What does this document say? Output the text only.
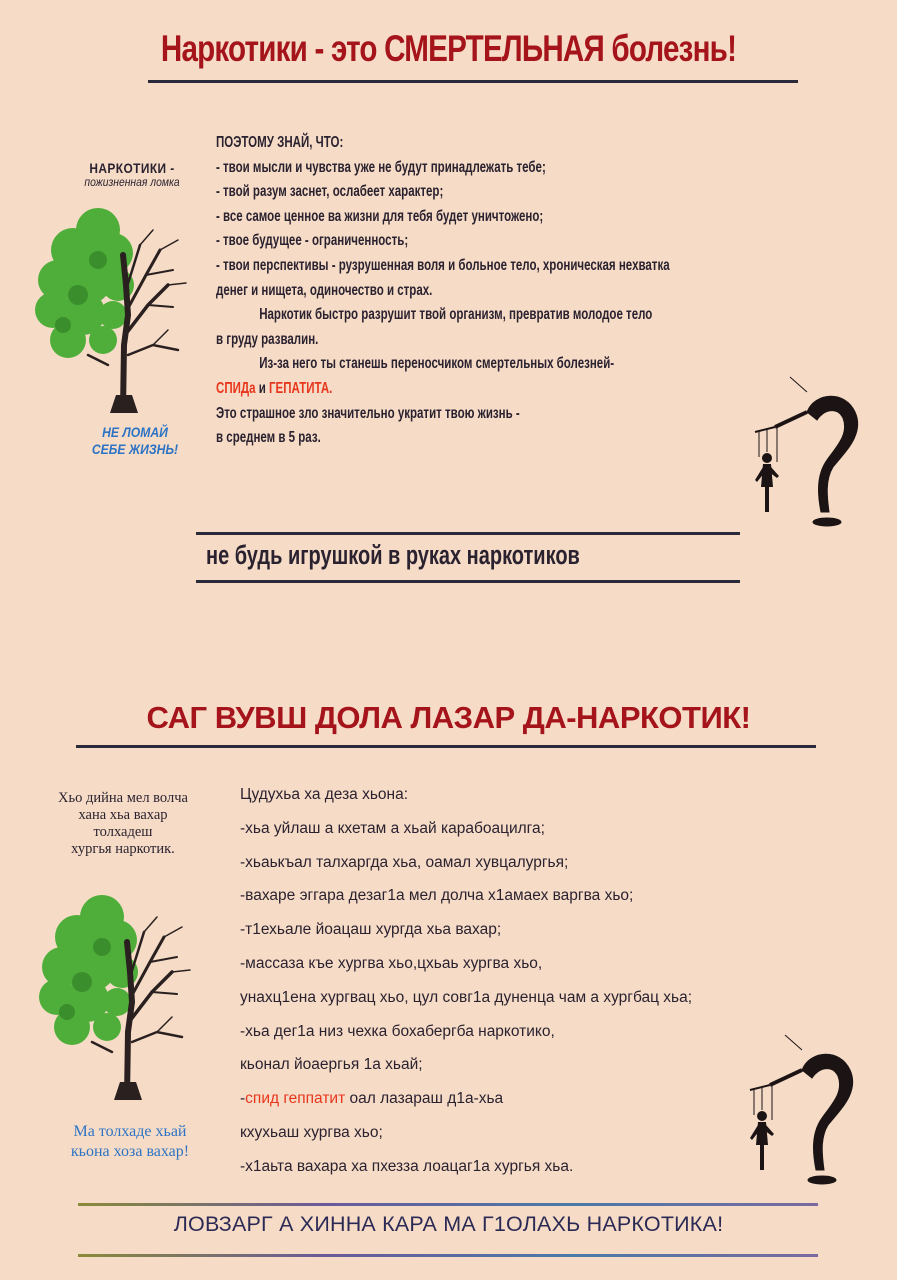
Наркотики - это СМЕРТЕЛЬНАЯ болезнь!
НАРКОТИКИ -
пожизненная ломка
НЕ ЛОМАЙ
СЕБЕ ЖИЗНЬ!
ПОЭТОМУ ЗНАЙ, ЧТО:
- твои мысли и чувства уже не будут принадлежать тебе;
- твой разум заснет, ослабеет характер;
- все самое ценное ва жизни для тебя будет уничтожено;
- твое будущее - ограниченность;
- твои перспективы - рузрушенная воля и больное тело, хроническая нехватка
денег и нищета, одиночество и страх.
Наркотик быстро разрушит твой организм, превратив молодое тело
в груду развалин.
Из-за него ты станешь переносчиком смертельных болезней-
СПИДа и ГЕПАТИТА.
Это страшное зло значительно укратит твою жизнь -
в среднем в 5 раз.
не будь игрушкой в руках наркотиков
САГ ВУВШ ДОЛА ЛАЗАР ДА-НАРКОТИК!
Хьо дийна мел волча
хана хьа вахар
толхадеш
хургья наркотик.
Ма толхаде хьай
кьона хоза вахар!
Цудухьа ха деза хьона:
-хьа уйлаш а кхетам а хьай карабоацилга;
-хьаькъал талхаргда хьа, оамал хувцалургья;
-вахаре эггара дезаг1а мел долча х1амаех варгва хьо;
-т1ехьале йоацаш хургда хьа вахар;
-массаза къе хургва хьо,цхьаь хургва хьо,
унахц1ена хургвац хьо, цул совг1а дуненца чам а хургбац хьа;
-хьа дег1а низ чехка бохабергба наркотико,
кьонал йоаергья 1а хьай;
-спид геппатит оал лазараш д1а-хьа
кхухьаш хургва хьо;
-х1аьта вахара ха пхезза лоацаг1а хургья хьа.
ЛОВЗАРГ А ХИННА КАРА МА Г1ОЛАХЬ НАРКОТИКА!
